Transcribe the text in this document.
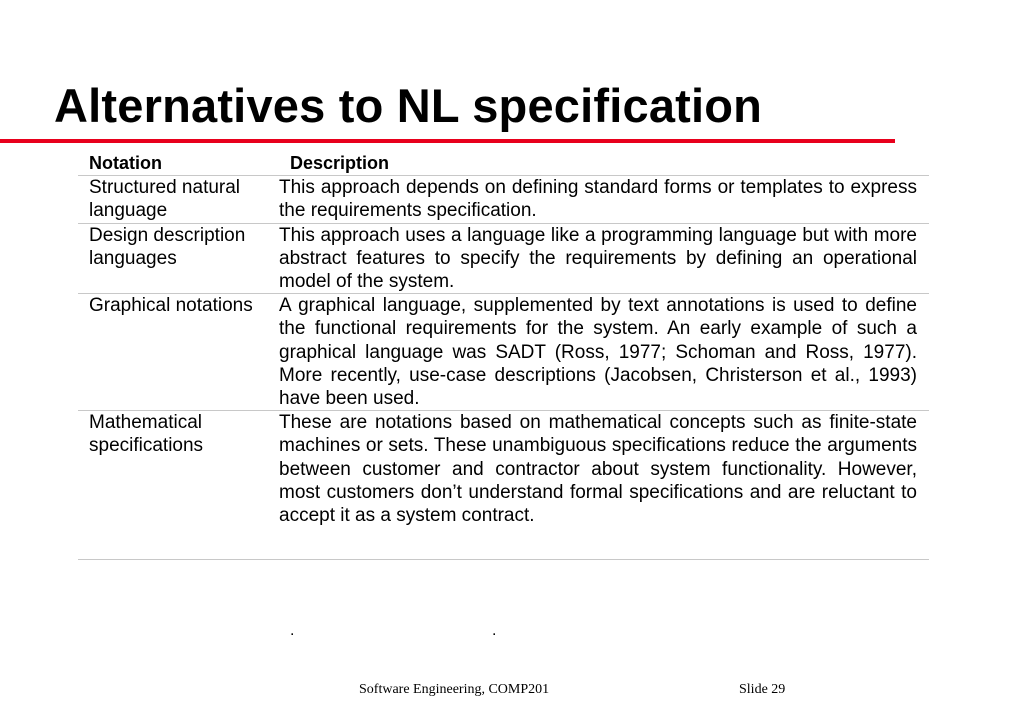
Alternatives to NL specification
Notation	Description
Structured natural language	This approach depends on defining standard forms or templates to express the requirements specification.
Design description languages	This approach uses a language like a programming language but with more abstract features to specify the requirements by defining an operational model of the system.
Graphical notations	A graphical language, supplemented by text annotations is used to define the functional requirements for the system. An early example of such a graphical language was SADT (Ross, 1977; Schoman and Ross, 1977). More recently, use-case descriptions (Jacobsen, Christerson et al., 1993) have been used.
Mathematical specifications	These are notations based on mathematical concepts such as finite-state machines or sets. These unambiguous specifications reduce the arguments between customer and contractor about system functionality. However, most customers don’t understand formal specifications and are reluctant to accept it as a system contract.
.	.
Software Engineering, COMP201	Slide 29
